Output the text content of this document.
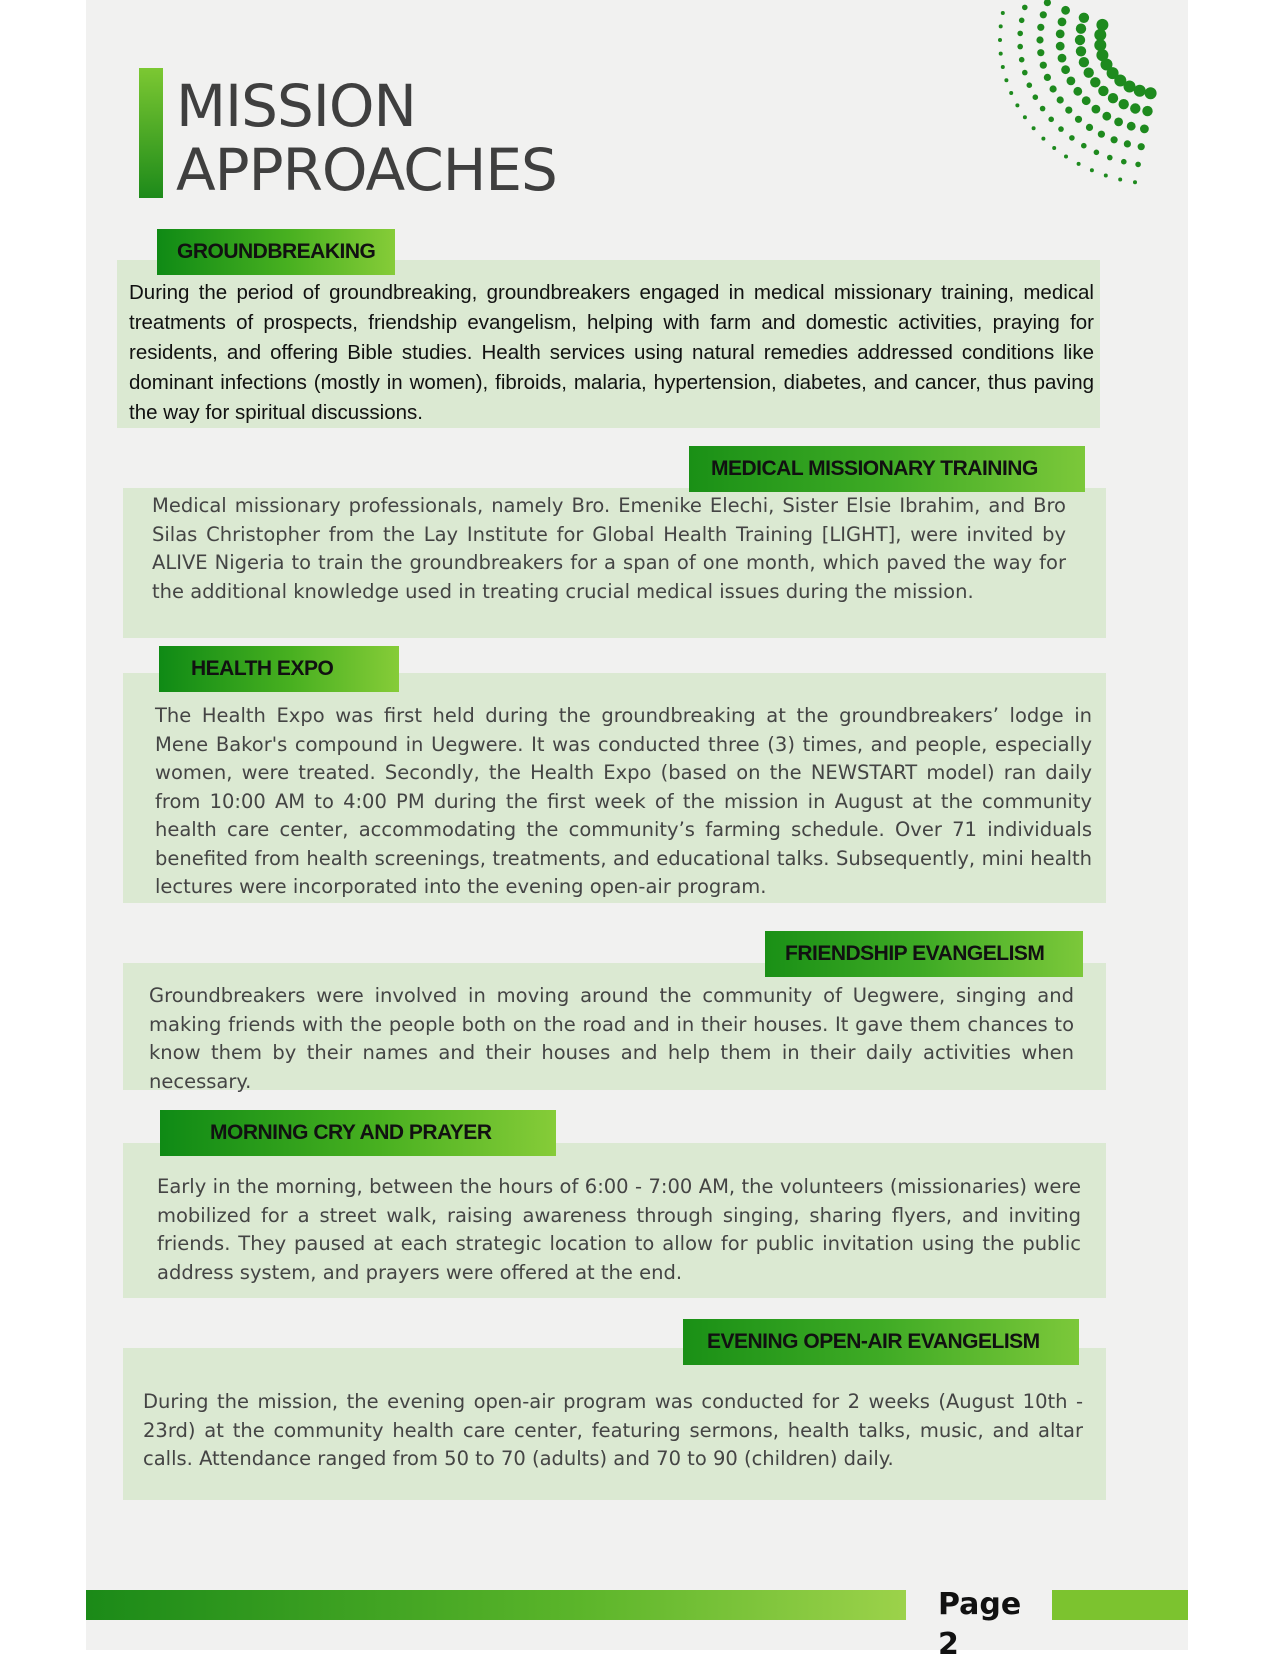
MISSION
APPROACHES
GROUNDBREAKING

During the period of groundbreaking, groundbreakers engaged in medical missionary training, medical treatments of prospects, friendship evangelism, helping with farm and domestic activities, praying for residents, and offering Bible studies. Health services using natural remedies addressed conditions like dominant infections (mostly in women), fibroids, malaria, hypertension, diabetes, and cancer, thus paving the way for spiritual discussions.

MEDICAL MISSIONARY TRAINING

Medical missionary professionals, namely Bro. Emenike Elechi, Sister Elsie Ibrahim, and Bro Silas Christopher from the Lay Institute for Global Health Training [LIGHT], were invited by ALIVE Nigeria to train the groundbreakers for a span of one month, which paved the way for the additional knowledge used in treating crucial medical issues during the mission.

HEALTH EXPO

The Health Expo was first held during the groundbreaking at the groundbreakers’ lodge in Mene Bakor's compound in Uegwere. It was conducted three (3) times, and people, especially women, were treated. Secondly, the Health Expo (based on the NEWSTART model) ran daily from 10:00 AM to 4:00 PM during the first week of the mission in August at the community health care center, accommodating the community’s farming schedule. Over 71 individuals benefited from health screenings, treatments, and educational talks. Subsequently, mini health lectures were incorporated into the evening open-air program.

FRIENDSHIP EVANGELISM

Groundbreakers were involved in moving around the community of Uegwere, singing and making friends with the people both on the road and in their houses. It gave them chances to know them by their names and their houses and help them in their daily activities when necessary.

MORNING CRY AND PRAYER

Early in the morning, between the hours of 6:00 - 7:00 AM, the volunteers (missionaries) were mobilized for a street walk, raising awareness through singing, sharing flyers, and inviting friends. They paused at each strategic location to allow for public invitation using the public address system, and prayers were offered at the end.

EVENING OPEN-AIR EVANGELISM

During the mission, the evening open-air program was conducted for 2 weeks (August 10th - 23rd) at the community health care center, featuring sermons, health talks, music, and altar calls. Attendance ranged from 50 to 70 (adults) and 70 to 90 (children) daily.

Page 2
